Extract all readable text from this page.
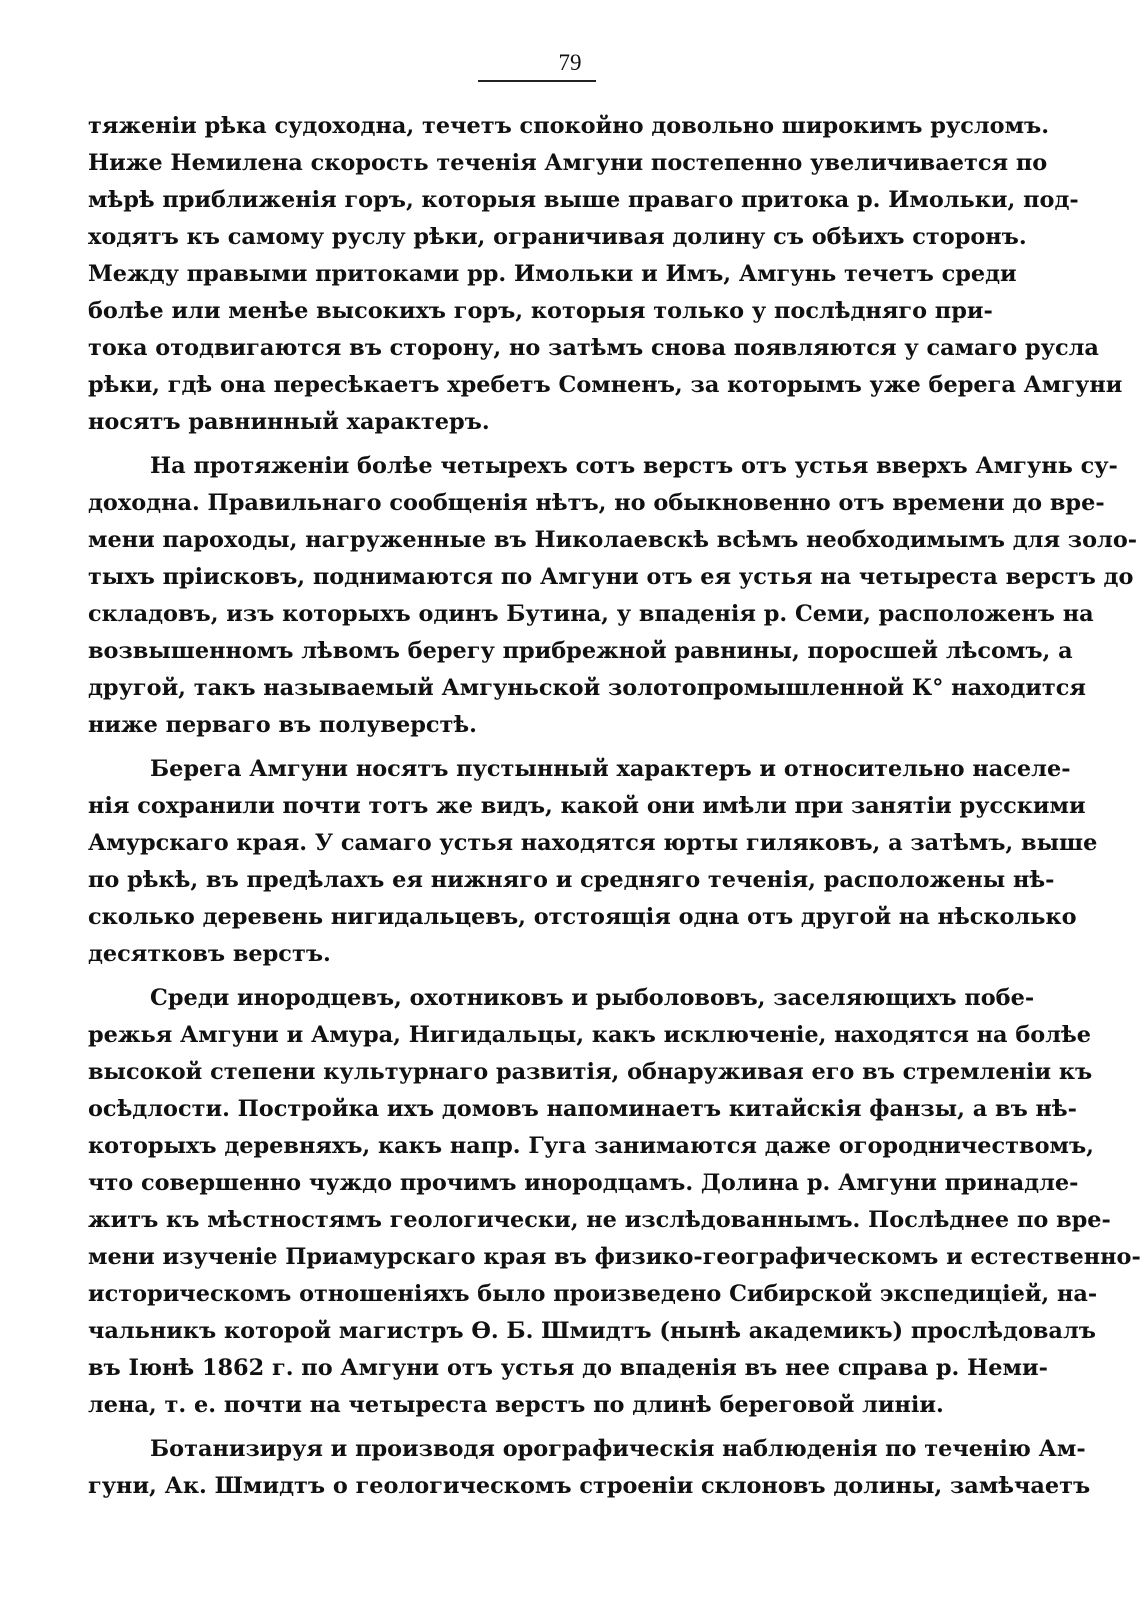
79
тяженіи рѣка судоходна, течетъ спокойно довольно широкимъ русломъ.
Ниже Немилена скорость теченія Амгуни постепенно увеличивается по
мѣрѣ приближенія горъ, которыя выше праваго притока р. Имольки, под-
ходятъ къ самому руслу рѣки, ограничивая долину съ обѣихъ сторонъ.
Между правыми притоками рр. Имольки и Имъ, Амгунь течетъ среди
болѣе или менѣе высокихъ горъ, которыя только у послѣдняго при-
тока отодвигаются въ сторону, но затѣмъ снова появляются у самаго русла
рѣки, гдѣ она пересѣкаетъ хребетъ Сомненъ, за которымъ уже берега Амгуни
носятъ равнинный характеръ.
На протяженіи болѣе четырехъ сотъ верстъ отъ устья вверхъ Амгунь су-
доходна. Правильнаго сообщенія нѣтъ, но обыкновенно отъ времени до вре-
мени пароходы, нагруженные въ Николаевскѣ всѣмъ необходимымъ для золо-
тыхъ пріисковъ, поднимаются по Амгуни отъ ея устья на четыреста верстъ до
складовъ, изъ которыхъ одинъ Бутина, у впаденія р. Семи, расположенъ на
возвышенномъ лѣвомъ берегу прибрежной равнины, поросшей лѣсомъ, а
другой, такъ называемый Амгуньской золотопромышленной К° находится
ниже перваго въ полуверстѣ.
Берега Амгуни носятъ пустынный характеръ и относительно населе-
нія сохранили почти тотъ же видъ, какой они имѣли при занятіи русскими
Амурскаго края. У самаго устья находятся юрты гиляковъ, а затѣмъ, выше
по рѣкѣ, въ предѣлахъ ея нижняго и средняго теченія, расположены нѣ-
сколько деревень нигидальцевъ, отстоящія одна отъ другой на нѣсколько
десятковъ верстъ.
Среди инородцевъ, охотниковъ и рыболововъ, заселяющихъ побе-
режья Амгуни и Амура, Нигидальцы, какъ исключеніе, находятся на болѣе
высокой степени культурнаго развитія, обнаруживая его въ стремленіи къ
осѣдлости. Постройка ихъ домовъ напоминаетъ китайскія фанзы, а въ нѣ-
которыхъ деревняхъ, какъ напр. Гуга занимаются даже огородничествомъ,
что совершенно чуждо прочимъ инородцамъ. Долина р. Амгуни принадле-
житъ къ мѣстностямъ геологически, не изслѣдованнымъ. Послѣднее по вре-
мени изученіе Приамурскаго края въ физико-географическомъ и естественно-
историческомъ отношеніяхъ было произведено Сибирской экспедиціей, на-
чальникъ которой магистръ Ѳ. Б. Шмидтъ (нынѣ академикъ) прослѣдовалъ
въ Іюнѣ 1862 г. по Амгуни отъ устья до впаденія въ нее справа р. Неми-
лена, т. е. почти на четыреста верстъ по длинѣ береговой линіи.
Ботанизируя и производя орографическія наблюденія по теченію Ам-
гуни, Ак. Шмидтъ о геологическомъ строеніи склоновъ долины, замѣчаетъ
